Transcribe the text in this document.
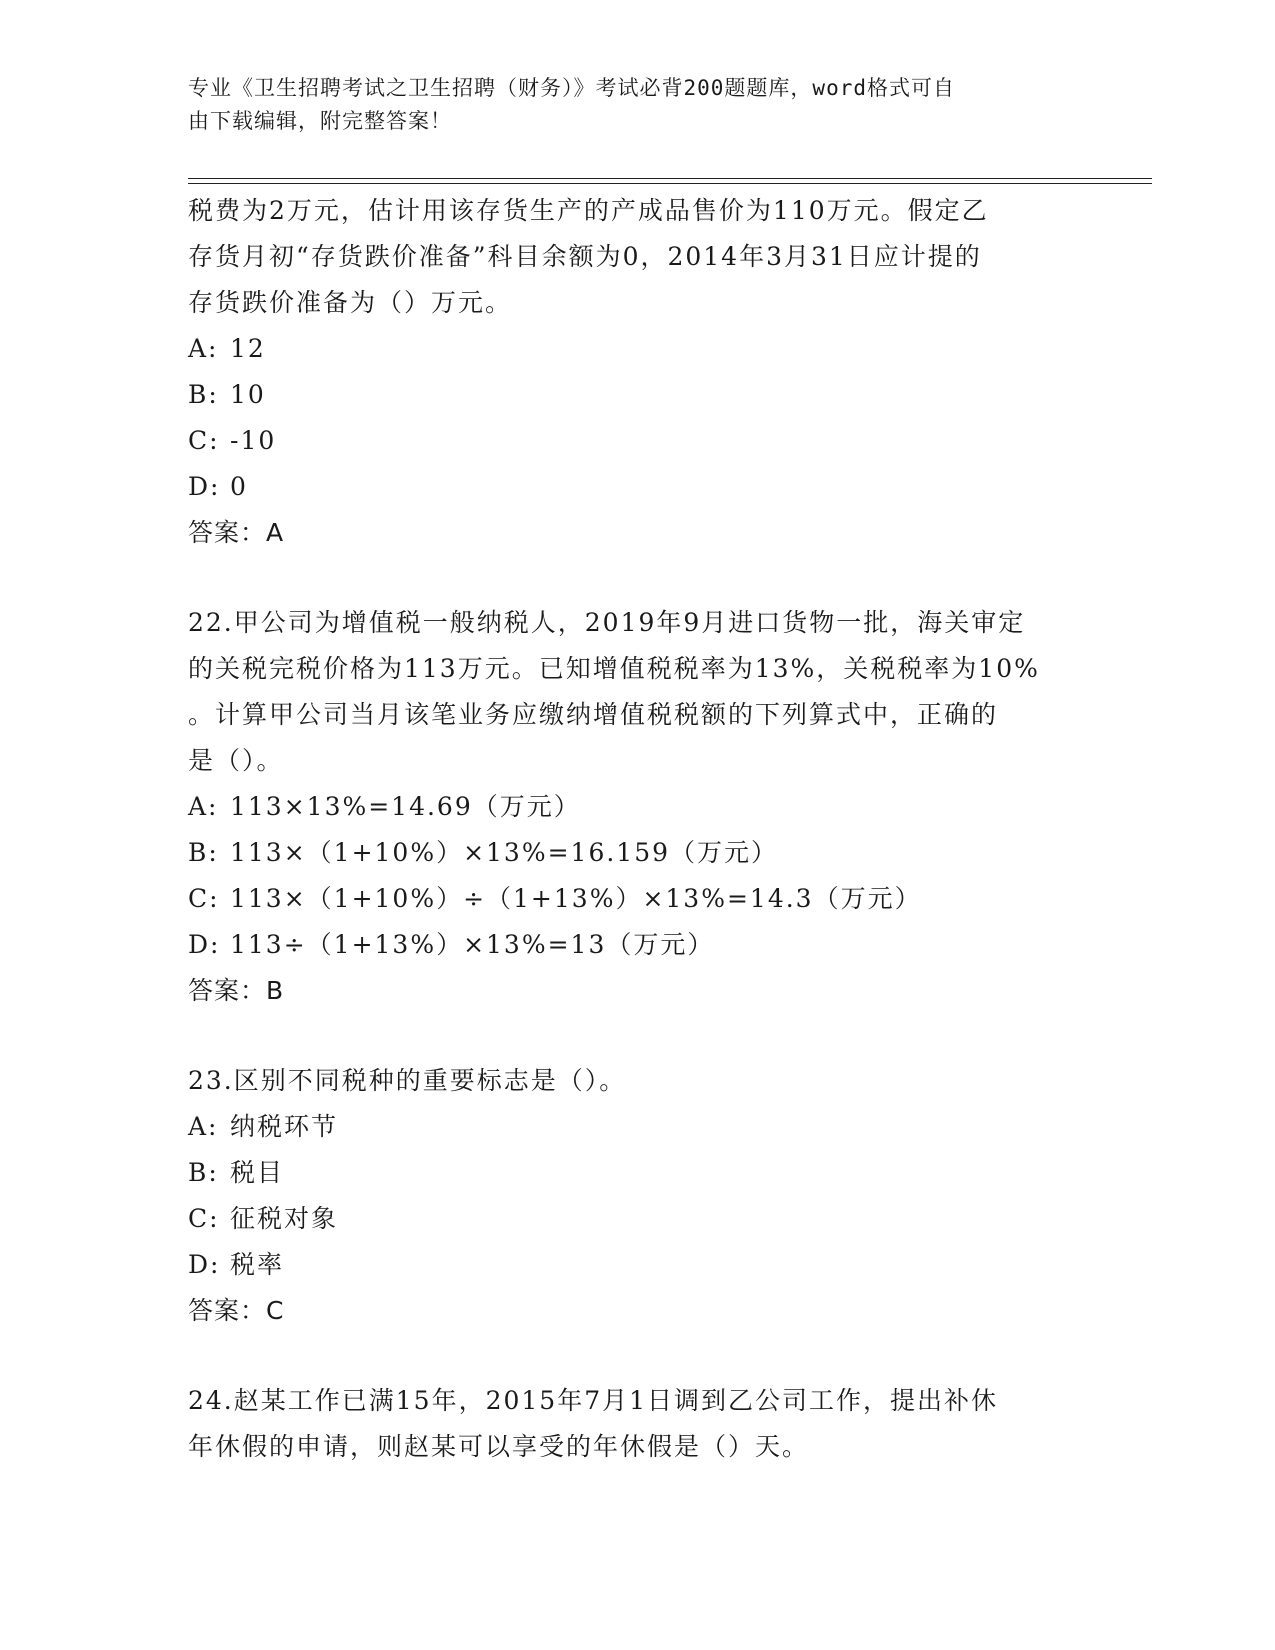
专业《卫生招聘考试之卫生招聘（财务）》考试必背200题题库，word格式可自
由下载编辑，附完整答案！
税费为2万元，估计用该存货生产的产成品售价为110万元。假定乙
存货月初“存货跌价准备”科目余额为0，2014年3月31日应计提的
存货跌价准备为（）万元。
A: 12
B: 10
C: -10
D: 0
答案：A
22.甲公司为增值税一般纳税人，2019年9月进口货物一批，海关审定
的关税完税价格为113万元。已知增值税税率为13%，关税税率为10%
。计算甲公司当月该笔业务应缴纳增值税税额的下列算式中，正确的
是（）。
A: 113×13%=14.69（万元）
B: 113×（1+10%）×13%=16.159（万元）
C: 113×（1+10%）÷（1+13%）×13%=14.3（万元）
D: 113÷（1+13%）×13%=13（万元）
答案：B
23.区别不同税种的重要标志是（）。
A: 纳税环节
B: 税目
C: 征税对象
D: 税率
答案：C
24.赵某工作已满15年，2015年7月1日调到乙公司工作，提出补休
年休假的申请，则赵某可以享受的年休假是（）天。
